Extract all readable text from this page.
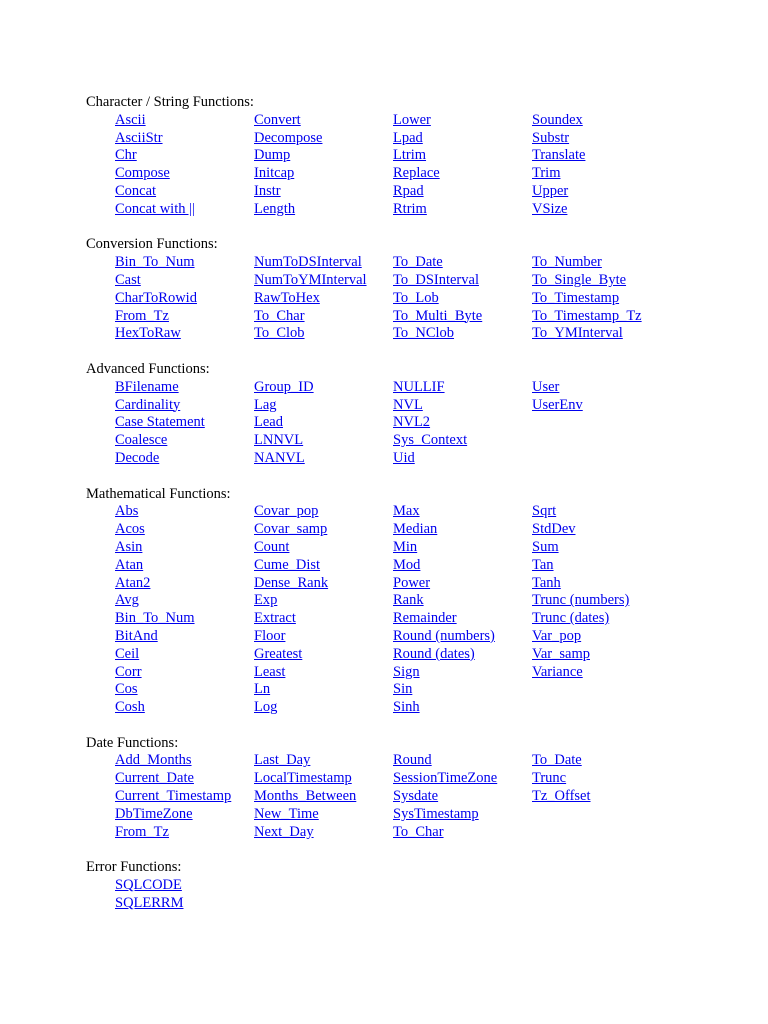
Character / String Functions:
Ascii
AsciiStr
Chr
Compose
Concat
Concat with ||
Convert
Decompose
Dump
Initcap
Instr
Length
Lower
Lpad
Ltrim
Replace
Rpad
Rtrim
Soundex
Substr
Translate
Trim
Upper
VSize
Conversion Functions:
Bin_To_Num
Cast
CharToRowid
From_Tz
HexToRaw
NumToDSInterval
NumToYMInterval
RawToHex
To_Char
To_Clob
To_Date
To_DSInterval
To_Lob
To_Multi_Byte
To_NClob
To_Number
To_Single_Byte
To_Timestamp
To_Timestamp_Tz
To_YMInterval
Advanced Functions:
BFilename
Cardinality
Case Statement
Coalesce
Decode
Group_ID
Lag
Lead
LNNVL
NANVL
NULLIF
NVL
NVL2
Sys_Context
Uid
User
UserEnv
Mathematical Functions:
Abs
Acos
Asin
Atan
Atan2
Avg
Bin_To_Num
BitAnd
Ceil
Corr
Cos
Cosh
Covar_pop
Covar_samp
Count
Cume_Dist
Dense_Rank
Exp
Extract
Floor
Greatest
Least
Ln
Log
Max
Median
Min
Mod
Power
Rank
Remainder
Round (numbers)
Round (dates)
Sign
Sin
Sinh
Sqrt
StdDev
Sum
Tan
Tanh
Trunc (numbers)
Trunc (dates)
Var_pop
Var_samp
Variance
Date Functions:
Add_Months
Current_Date
Current_Timestamp
DbTimeZone
From_Tz
Last_Day
LocalTimestamp
Months_Between
New_Time
Next_Day
Round
SessionTimeZone
Sysdate
SysTimestamp
To_Char
To_Date
Trunc
Tz_Offset
Error Functions:
SQLCODE
SQLERRM
